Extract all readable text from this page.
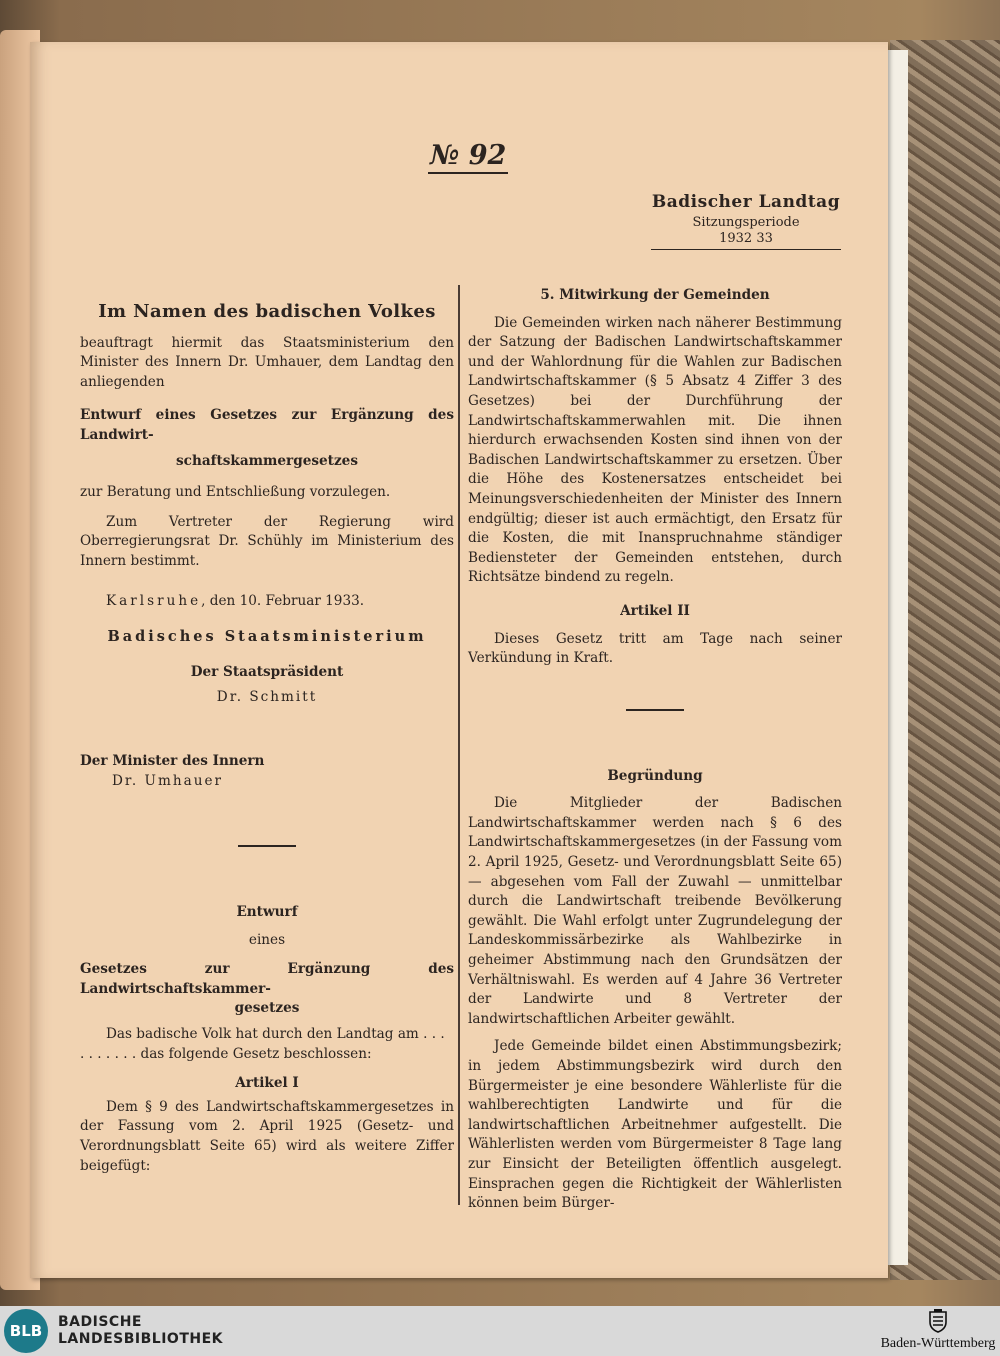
№ 92
Badischer Landtag
Sitzungsperiode
1932 33

Im Namen des badischen Volkes

beauftragt hiermit das Staatsministerium den Minister des Innern Dr. Umhauer, dem Landtag den anliegenden

Entwurf eines Gesetzes zur Ergänzung des Landwirt-

schaftskammergesetzes

zur Beratung und Entschließung vorzulegen.

Zum Vertreter der Regierung wird Oberregierungsrat Dr. Schühly im Ministerium des Innern bestimmt.

Karlsruhe, den 10. Februar 1933.

Badisches Staatsministerium

Der Staatspräsident

Dr. Schmitt

Der Minister des Innern

Dr. Umhauer

Entwurf

eines

Gesetzes zur Ergänzung des Landwirtschaftskammer-

gesetzes

Das badische Volk hat durch den Landtag am . . .

. . . . . . . das folgende Gesetz beschlossen:

Artikel I

Dem § 9 des Landwirtschaftskammergesetzes in der Fassung vom 2. April 1925 (Gesetz- und Verordnungsblatt Seite 65) wird als weitere Ziffer beigefügt:

5. Mitwirkung der Gemeinden

Die Gemeinden wirken nach näherer Bestimmung der Satzung der Badischen Landwirtschaftskammer und der Wahlordnung für die Wahlen zur Badischen Landwirtschaftskammer (§ 5 Absatz 4 Ziffer 3 des Gesetzes) bei der Durchführung der Landwirtschaftskammerwahlen mit. Die ihnen hierdurch erwachsenden Kosten sind ihnen von der Badischen Landwirtschaftskammer zu ersetzen. Über die Höhe des Kostenersatzes entscheidet bei Meinungsverschiedenheiten der Minister des Innern endgültig; dieser ist auch ermächtigt, den Ersatz für die Kosten, die mit Inanspruchnahme ständiger Bediensteter der Gemeinden entstehen, durch Richtsätze bindend zu regeln.

Artikel II

Dieses Gesetz tritt am Tage nach seiner Verkündung in Kraft.

Begründung

Die Mitglieder der Badischen Landwirtschaftskammer werden nach § 6 des Landwirtschaftskammergesetzes (in der Fassung vom 2. April 1925, Gesetz- und Verordnungsblatt Seite 65) — abgesehen vom Fall der Zuwahl — unmittelbar durch die Landwirtschaft treibende Bevölkerung gewählt. Die Wahl erfolgt unter Zugrundelegung der Landeskommissärbezirke als Wahlbezirke in geheimer Abstimmung nach den Grundsätzen der Verhältniswahl. Es werden auf 4 Jahre 36 Vertreter der Landwirte und 8 Vertreter der landwirtschaftlichen Arbeiter gewählt.

Jede Gemeinde bildet einen Abstimmungsbezirk; in jedem Abstimmungsbezirk wird durch den Bürgermeister je eine besondere Wählerliste für die wahlberechtigten Landwirte und für die landwirtschaftlichen Arbeitnehmer aufgestellt. Die Wählerlisten werden vom Bürgermeister 8 Tage lang zur Einsicht der Beteiligten öffentlich ausgelegt. Einsprachen gegen die Richtigkeit der Wählerlisten können beim Bürger-

BLB	BADISCHE
LANDESBIBLIOTHEK	Baden-Württemberg
